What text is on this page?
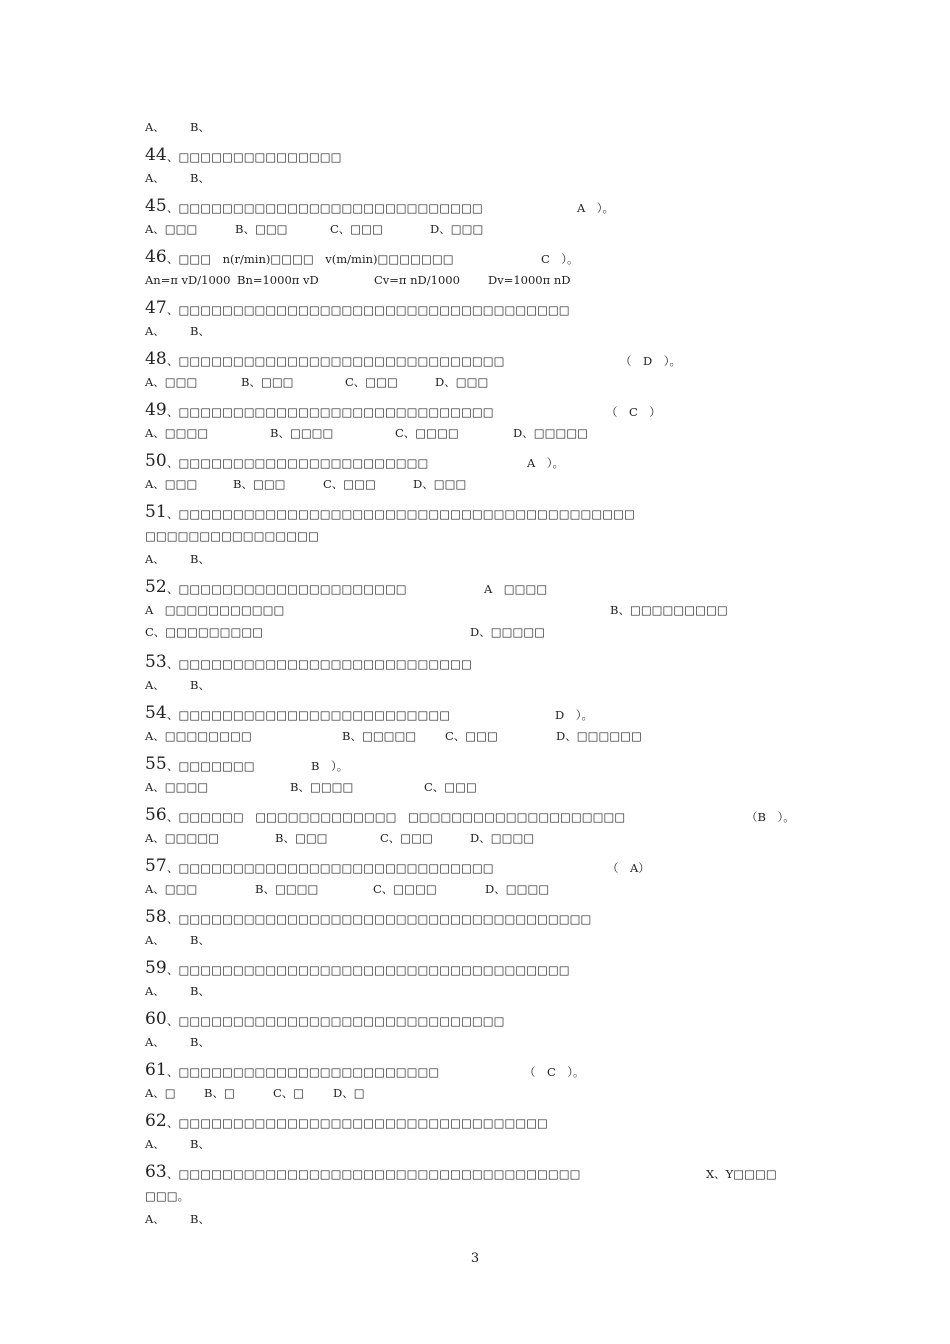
A、 B、
44 、□□□□□□□□□□□□□□□
A、 B、
45 、□□□□□□□□□□□□□□□□□□□□□□□□□□□□	A　）。
A、□□□	B、□□□	C、□□□	D、□□□
46 、□□□　n(r/min)□□□□　v(m/min)□□□□□□□	C　）。
An=π vD/1000 Bn=1000π vD	Cv=π nD/1000 Dv=1000π nD
47 、□□□□□□□□□□□□□□□□□□□□□□□□□□□□□□□□□□□□
A、 B、
48 、□□□□□□□□□□□□□□□□□□□□□□□□□□□□□□	（　D　）。
A、□□□	B、□□□	C、□□□	D、□□□
49 、□□□□□□□□□□□□□□□□□□□□□□□□□□□□□	（　C　）
A、□□□□	B、□□□□	C、□□□□	D、□□□□□
50 、□□□□□□□□□□□□□□□□□□□□□□□	A　）。
A、□□□	B、□□□	C、□□□	D、□□□
51 、□□□□□□□□□□□□□□□□□□□□□□□□□□□□□□□□□□□□□□□□□□
□□□□□□□□□□□□□□□□
A、 B、
52 、□□□□□□□□□□□□□□□□□□□□□	A　□□□□
B、□□□□□□□□□
A　□□□□□□□□□□□
C、□□□□□□□□□	D、□□□□□
53 、□□□□□□□□□□□□□□□□□□□□□□□□□□□
A、 B、
54 、□□□□□□□□□□□□□□□□□□□□□□□□□	D　）。
A、□□□□□□□□	B、□□□□□ C、□□□	D、□□□□□□
55 、□□□□□□□	B　）。
A、□□□□	B、□□□□	C、□□□
56 、□□□□□□　□□□□□□□□□□□□□　□□□□□□□□□□□□□□□□□□□□	（B　）。
A、□□□□□	B、□□□	C、□□□	D、□□□□
57 、□□□□□□□□□□□□□□□□□□□□□□□□□□□□□	（　A）
A、□□□	B、□□□□	C、□□□□	D、□□□□
58 、□□□□□□□□□□□□□□□□□□□□□□□□□□□□□□□□□□□□□□
A、 B、
59 、□□□□□□□□□□□□□□□□□□□□□□□□□□□□□□□□□□□□
A、 B、
60 、□□□□□□□□□□□□□□□□□□□□□□□□□□□□□□
A、 B、
61 、□□□□□□□□□□□□□□□□□□□□□□□□	（　C　）。
A、□ B、□	C、□	D、□
62 、□□□□□□□□□□□□□□□□□□□□□□□□□□□□□□□□□□
A、 B、
63 、□□□□□□□□□□□□□□□□□□□□□□□□□□□□□□□□□□□□□	X、Y□□□□
□□□。
A、 B、
3
